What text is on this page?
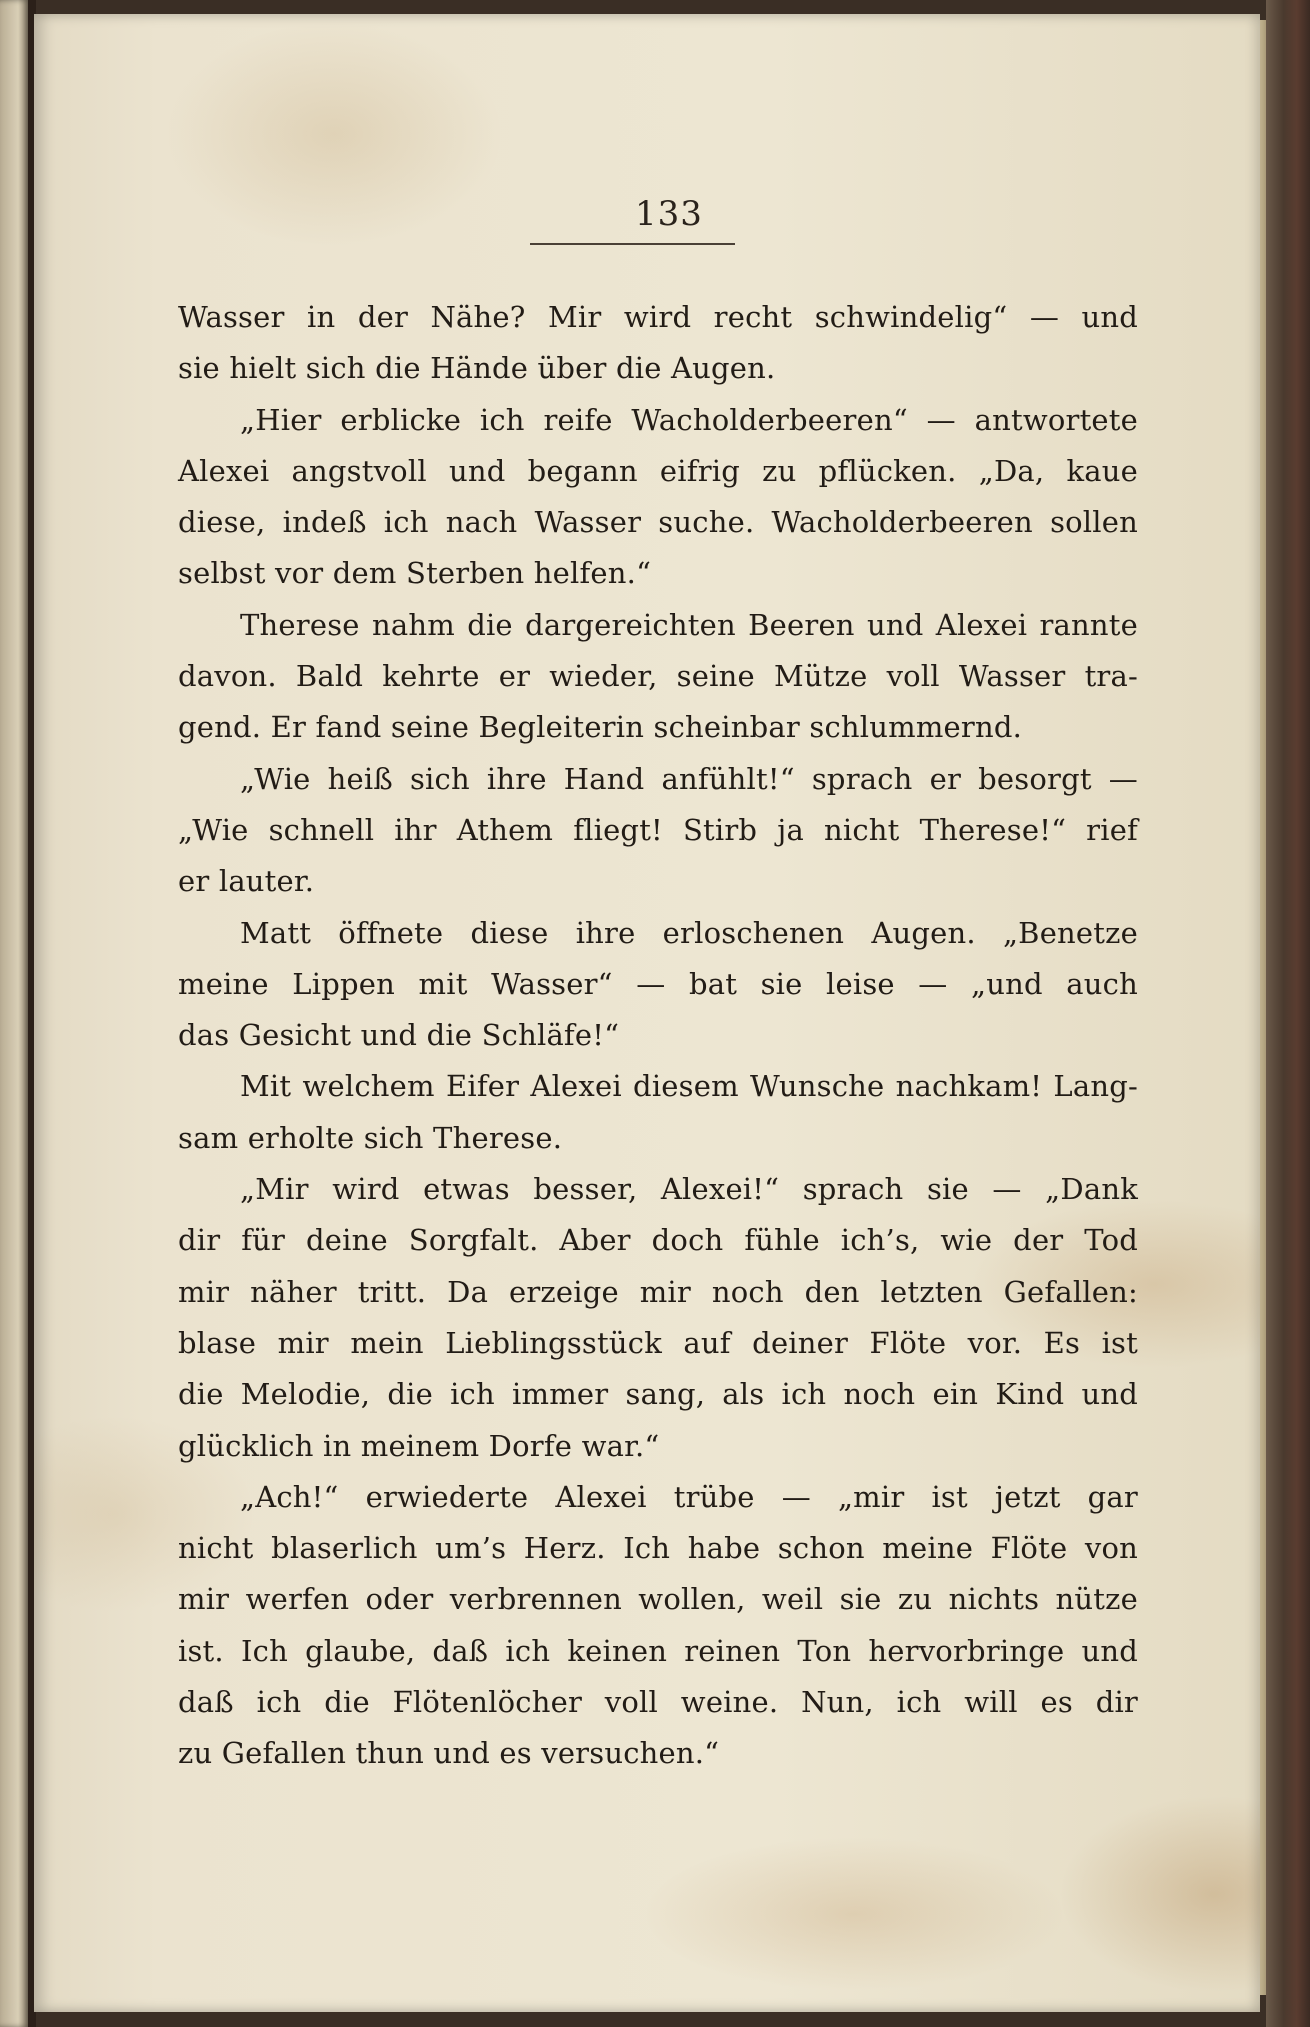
133
Wasser in der Nähe? Mir wird recht schwindelig“ — und
sie hielt sich die Hände über die Augen.
„Hier erblicke ich reife Wacholderbeeren“ — antwortete
Alexei angstvoll und begann eifrig zu pflücken. „Da, kaue
diese, indeß ich nach Wasser suche. Wacholderbeeren sollen
selbst vor dem Sterben helfen.“
Therese nahm die dargereichten Beeren und Alexei rannte
davon. Bald kehrte er wieder, seine Mütze voll Wasser tra-
gend. Er fand seine Begleiterin scheinbar schlummernd.
„Wie heiß sich ihre Hand anfühlt!“ sprach er besorgt —
„Wie schnell ihr Athem fliegt! Stirb ja nicht Therese!“ rief
er lauter.
Matt öffnete diese ihre erloschenen Augen. „Benetze
meine Lippen mit Wasser“ — bat sie leise — „und auch
das Gesicht und die Schläfe!“
Mit welchem Eifer Alexei diesem Wunsche nachkam! Lang-
sam erholte sich Therese.
„Mir wird etwas besser, Alexei!“ sprach sie — „Dank
dir für deine Sorgfalt. Aber doch fühle ich’s, wie der Tod
mir näher tritt. Da erzeige mir noch den letzten Gefallen:
blase mir mein Lieblingsstück auf deiner Flöte vor. Es ist
die Melodie, die ich immer sang, als ich noch ein Kind und
glücklich in meinem Dorfe war.“
„Ach!“ erwiederte Alexei trübe — „mir ist jetzt gar
nicht blaserlich um’s Herz. Ich habe schon meine Flöte von
mir werfen oder verbrennen wollen, weil sie zu nichts nütze
ist. Ich glaube, daß ich keinen reinen Ton hervorbringe und
daß ich die Flötenlöcher voll weine. Nun, ich will es dir
zu Gefallen thun und es versuchen.“
